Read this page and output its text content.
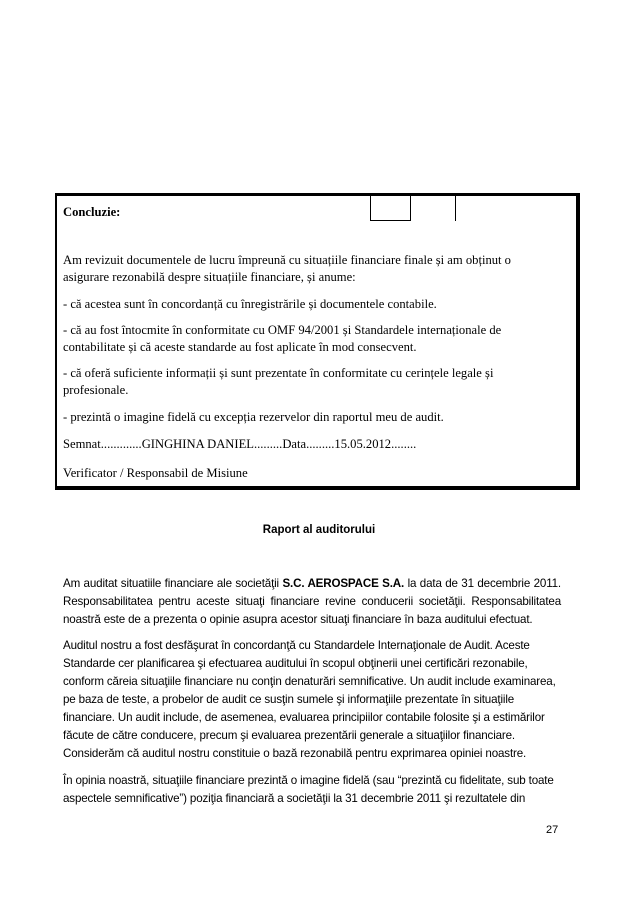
Concluzie:
Am revizuit documentele de lucru împreună cu situațiile financiare finale și am obținut o asigurare rezonabilă despre situațiile financiare, și anume:
- că acestea sunt în concordanță cu înregistrările și documentele contabile.
- că au fost întocmite în conformitate cu OMF 94/2001 și Standardele internaționale de contabilitate și că aceste standarde au fost aplicate în mod consecvent.
- că oferă suficiente informații și sunt prezentate în conformitate cu cerințele legale și profesionale.
- prezintă o imagine fidelă cu excepția rezervelor din raportul meu de audit.
Semnat.............GINGHINA DANIEL.........Data.........15.05.2012........
Verificator / Responsabil de Misiune
Raport al auditorului

Am auditat situatiile financiare ale societăţii S.C. AEROSPACE S.A. la data de 31 decembrie 2011. Responsabilitatea pentru aceste situaţi financiare revine conducerii societăţii. Responsabilitatea noastră este de a prezenta o opinie asupra acestor situaţi financiare în baza auditului efectuat.

Auditul nostru a fost desfăşurat în concordanţă cu Standardele Internaţionale de Audit. Aceste Standarde cer planificarea şi efectuarea auditului în scopul obţinerii unei certificări rezonabile, conform căreia situaţiile financiare nu conţin denaturări semnificative. Un audit include examinarea, pe baza de teste, a probelor de audit ce susţin sumele şi informaţiile prezentate în situaţiile financiare. Un audit include, de asemenea, evaluarea principiilor contabile folosite şi a estimărilor făcute de către conducere, precum şi evaluarea prezentării generale a situaţiilor financiare. Considerăm că auditul nostru constituie o bază rezonabilă pentru exprimarea opiniei noastre.

În opinia noastră, situaţiile financiare prezintă o imagine fidelă (sau “prezintă cu fidelitate, sub toate aspectele semnificative”) poziţia financiară a societăţii la 31 decembrie 2011 şi rezultatele din

27
